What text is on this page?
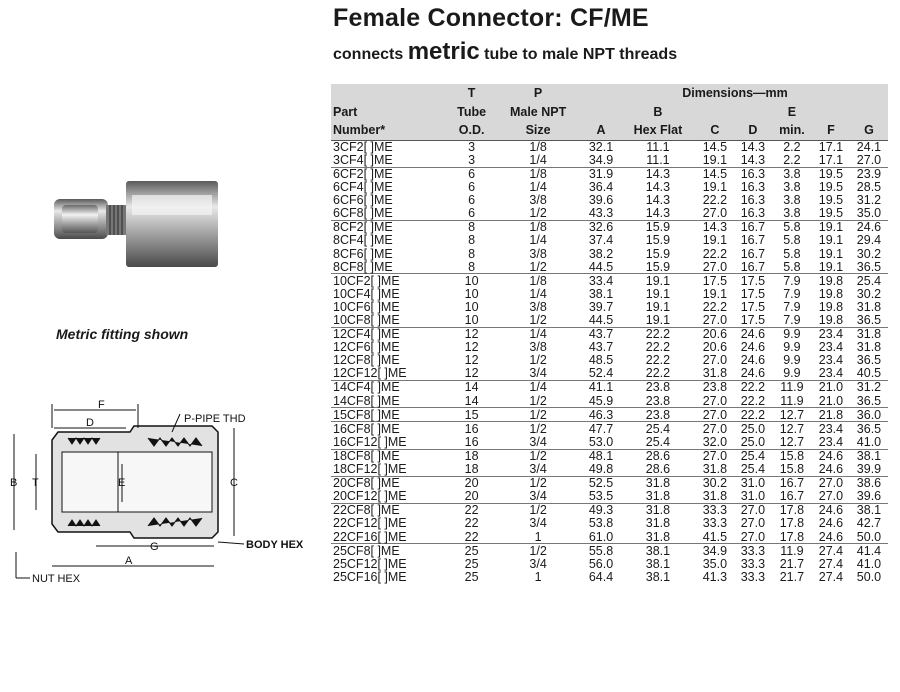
Female Connector: CF/ME
connects metric tube to male NPT threads
Metric fitting shown
F
D	P-PIPE THD
B T	E	C
G
A
BODY HEX
NUT HEX
	T	P	Dimensions—mm						
Part	Tube	Male NPT		B			E		
Number*	O.D.	Size	A	Hex Flat	C	D	min.	F	G
3CF2[ ]ME	3	1/8	32.1	11.1	14.5	14.3	2.2	17.1	24.1
3CF4[ ]ME	3	1/4	34.9	11.1	19.1	14.3	2.2	17.1	27.0
6CF2[ ]ME	6	1/8	31.9	14.3	14.5	16.3	3.8	19.5	23.9
6CF4[ ]ME	6	1/4	36.4	14.3	19.1	16.3	3.8	19.5	28.5
6CF6[ ]ME	6	3/8	39.6	14.3	22.2	16.3	3.8	19.5	31.2
6CF8[ ]ME	6	1/2	43.3	14.3	27.0	16.3	3.8	19.5	35.0
8CF2[ ]ME	8	1/8	32.6	15.9	14.3	16.7	5.8	19.1	24.6
8CF4[ ]ME	8	1/4	37.4	15.9	19.1	16.7	5.8	19.1	29.4
8CF6[ ]ME	8	3/8	38.2	15.9	22.2	16.7	5.8	19.1	30.2
8CF8[ ]ME	8	1/2	44.5	15.9	27.0	16.7	5.8	19.1	36.5
10CF2[ ]ME	10	1/8	33.4	19.1	17.5	17.5	7.9	19.8	25.4
10CF4[ ]ME	10	1/4	38.1	19.1	19.1	17.5	7.9	19.8	30.2
10CF6[ ]ME	10	3/8	39.7	19.1	22.2	17.5	7.9	19.8	31.8
10CF8[ ]ME	10	1/2	44.5	19.1	27.0	17.5	7.9	19.8	36.5
12CF4[ ]ME	12	1/4	43.7	22.2	20.6	24.6	9.9	23.4	31.8
12CF6[ ]ME	12	3/8	43.7	22.2	20.6	24.6	9.9	23.4	31.8
12CF8[ ]ME	12	1/2	48.5	22.2	27.0	24.6	9.9	23.4	36.5
12CF12[ ]ME	12	3/4	52.4	22.2	31.8	24.6	9.9	23.4	40.5
14CF4[ ]ME	14	1/4	41.1	23.8	23.8	22.2	11.9	21.0	31.2
14CF8[ ]ME	14	1/2	45.9	23.8	27.0	22.2	11.9	21.0	36.5
15CF8[ ]ME	15	1/2	46.3	23.8	27.0	22.2	12.7	21.8	36.0
16CF8[ ]ME	16	1/2	47.7	25.4	27.0	25.0	12.7	23.4	36.5
16CF12[ ]ME	16	3/4	53.0	25.4	32.0	25.0	12.7	23.4	41.0
18CF8[ ]ME	18	1/2	48.1	28.6	27.0	25.4	15.8	24.6	38.1
18CF12[ ]ME	18	3/4	49.8	28.6	31.8	25.4	15.8	24.6	39.9
20CF8[ ]ME	20	1/2	52.5	31.8	30.2	31.0	16.7	27.0	38.6
20CF12[ ]ME	20	3/4	53.5	31.8	31.8	31.0	16.7	27.0	39.6
22CF8[ ]ME	22	1/2	49.3	31.8	33.3	27.0	17.8	24.6	38.1
22CF12[ ]ME	22	3/4	53.8	31.8	33.3	27.0	17.8	24.6	42.7
22CF16[ ]ME	22	1	61.0	31.8	41.5	27.0	17.8	24.6	50.0
25CF8[ ]ME	25	1/2	55.8	38.1	34.9	33.3	11.9	27.4	41.4
25CF12[ ]ME	25	3/4	56.0	38.1	35.0	33.3	21.7	27.4	41.0
25CF16[ ]ME	25	1	64.4	38.1	41.3	33.3	21.7	27.4	50.0
